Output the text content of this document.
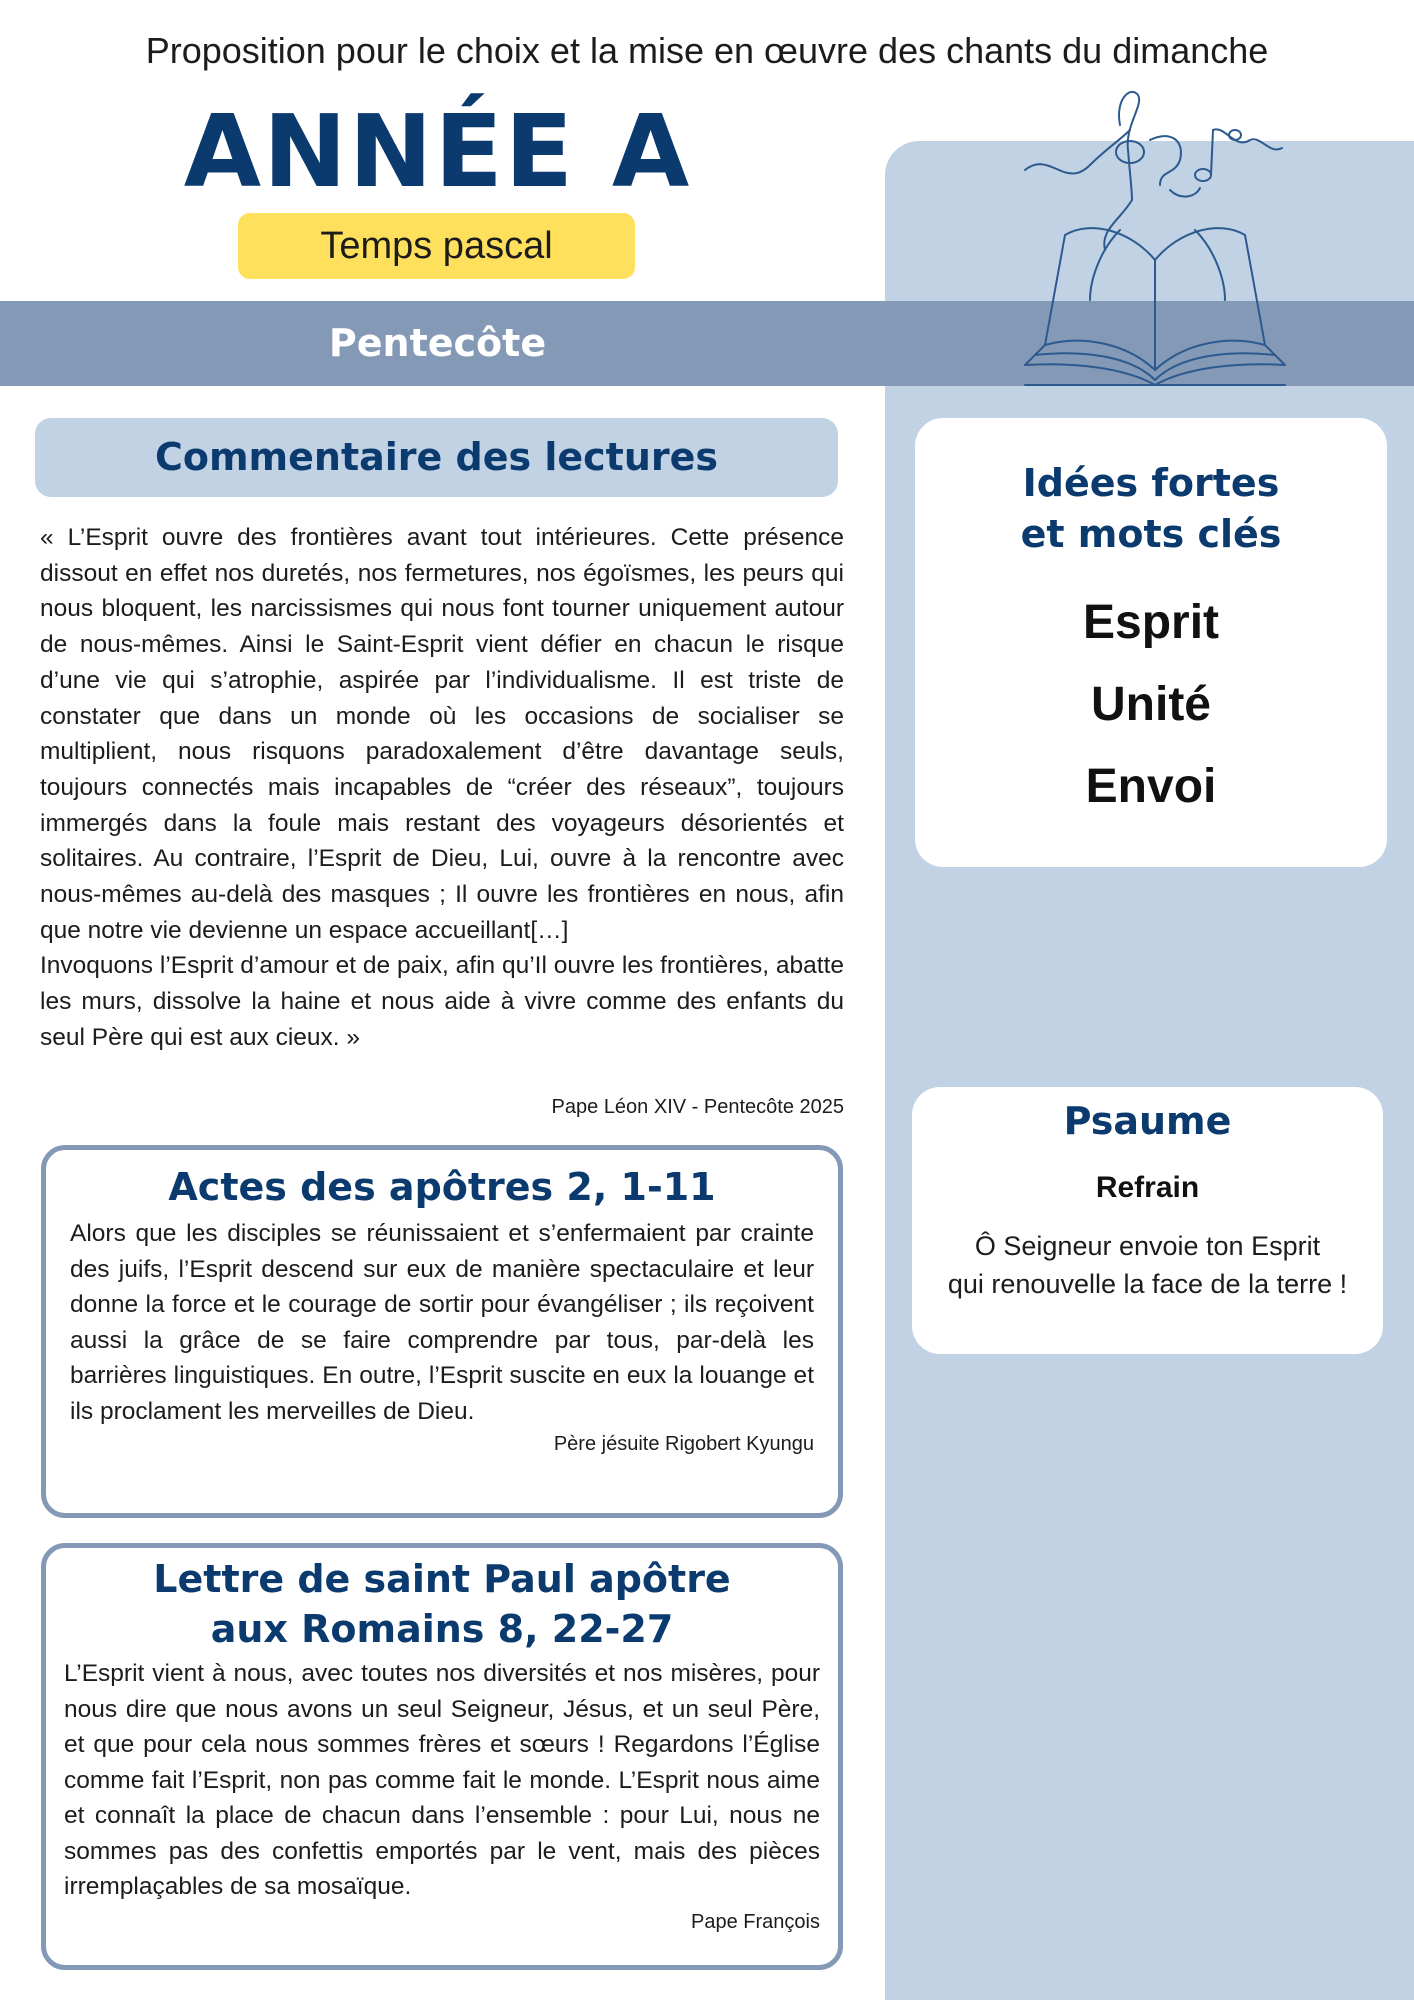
Proposition pour le choix et la mise en œuvre des chants du dimanche
ANNÉE A
Temps pascal
Pentecôte
Commentaire des lectures

« L’Esprit ouvre des frontières avant tout intérieures. Cette présence dissout en effet nos duretés, nos fermetures, nos égoïsmes, les peurs qui nous bloquent, les narcissismes qui nous font tourner uniquement autour de nous-mêmes. Ainsi le Saint-Esprit vient défier en chacun le risque d’une vie qui s’atrophie, aspirée par l’individualisme. Il est triste de constater que dans un monde où les occasions de socialiser se multiplient, nous risquons paradoxalement d’être davantage seuls, toujours connectés mais incapables de “créer des réseaux”, toujours immergés dans la foule mais restant des voyageurs désorientés et solitaires. Au contraire, l’Esprit de Dieu, Lui, ouvre à la rencontre avec nous-mêmes au-delà des masques ; Il ouvre les frontières en nous, afin que notre vie devienne un espace accueillant[…]

Invoquons l’Esprit d’amour et de paix, afin qu’Il ouvre les frontières, abatte les murs, dissolve la haine et nous aide à vivre comme des enfants du seul Père qui est aux cieux. »

Pape Léon XIV - Pentecôte 2025
Actes des apôtres 2, 1-11
Alors que les disciples se réunissaient et s’enfermaient par crainte des juifs, l’Esprit descend sur eux de manière spectaculaire et leur donne la force et le courage de sortir pour évangéliser ; ils reçoivent aussi la grâce de se faire comprendre par tous, par-delà les barrières linguistiques. En outre, l’Esprit suscite en eux la louange et ils proclament les merveilles de Dieu.
Père jésuite Rigobert Kyungu
Lettre de saint Paul apôtre
aux Romains 8, 22-27
L’Esprit vient à nous, avec toutes nos diversités et nos misères, pour nous dire que nous avons un seul Seigneur, Jésus, et un seul Père, et que pour cela nous sommes frères et sœurs ! Regardons l’Église comme fait l’Esprit, non pas comme fait le monde. L’Esprit nous aime et connaît la place de chacun dans l’ensemble : pour Lui, nous ne sommes pas des confettis emportés par le vent, mais des pièces irremplaçables de sa mosaïque.
Pape François
Idées fortes
et mots clés
Esprit
Unité
Envoi
Psaume
Refrain
Ô Seigneur envoie ton Esprit
qui renouvelle la face de la terre !
